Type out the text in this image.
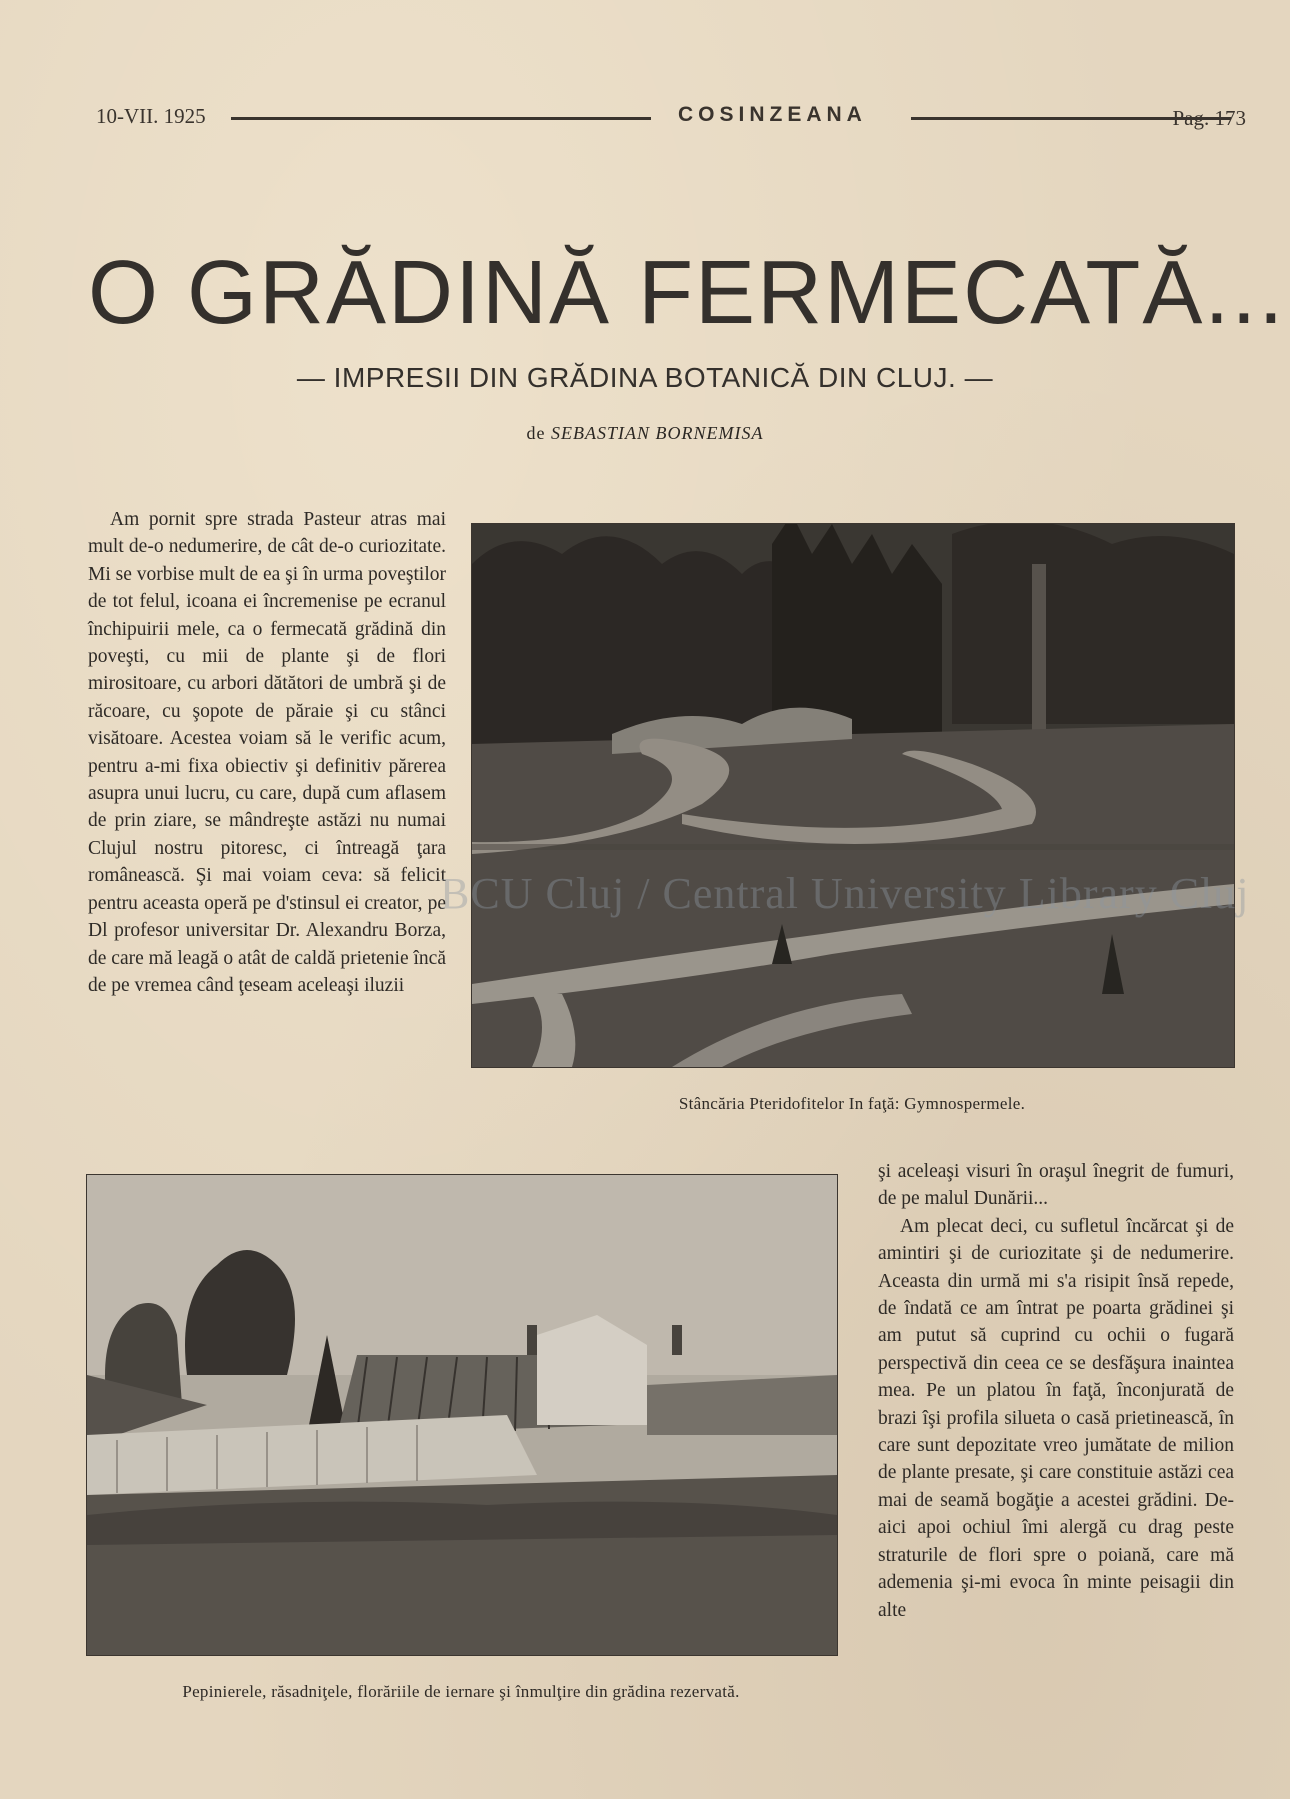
10-VII. 1925	COSINZEANA	Pag. 173
O GRĂDINĂ FERMECATĂ...
— IMPRESII DIN GRĂDINA BOTANICĂ DIN CLUJ. —
de SEBASTIAN BORNEMISA

Am pornit spre strada Pasteur atras mai mult de-o nedumerire, de cât de-o curiozitate. Mi se vorbise mult de ea şi în urma poveştilor de tot felul, icoana ei încremenise pe ecranul închipuirii mele, ca o fermecată grădină din poveşti, cu mii de plante şi de flori mirositoare, cu arbori dătători de umbră şi de răcoare, cu şopote de păraie şi cu stânci visătoare. Acestea voiam să le verific acum, pentru a-mi fixa obiectiv şi definitiv părerea asupra unui lucru, cu care, după cum aflasem de prin ziare, se mândreşte astăzi nu numai Clujul nostru pitoresc, ci întreagă ţara românească. Şi mai voiam ceva: să felicit pentru aceasta operă pe d'stinsul ei creator, pe Dl profesor universitar Dr. Alexandru Borza, de care mă leagă o atât de caldă prietenie încă de pe vremea când ţeseam aceleaşi iluzii

Stâncăria Pteridofitelor In faţă: Gymnospermele.
BCU Cluj / Central University Library Cluj
Pepinierele, răsadniţele, florăriile de iernare şi înmulţire din grădina rezervată.

şi aceleaşi visuri în oraşul înegrit de fumuri, de pe malul Dunării...

Am plecat deci, cu sufletul încărcat şi de amintiri şi de curiozitate şi de nedumerire. Aceasta din urmă mi s'a risipit însă repede, de îndată ce am întrat pe poarta grădinei şi am putut să cuprind cu ochii o fugară perspectivă din ceea ce se desfăşura inaintea mea. Pe un platou în faţă, înconjurată de brazi îşi profila silueta o casă prietinească, în care sunt depozitate vreo jumătate de milion de plante presate, şi care constituie astăzi cea mai de seamă bogăţie a acestei grădini. De-aici apoi ochiul îmi alergă cu drag peste straturile de flori spre o poiană, care mă ademenia şi-mi evoca în minte peisagii din alte
